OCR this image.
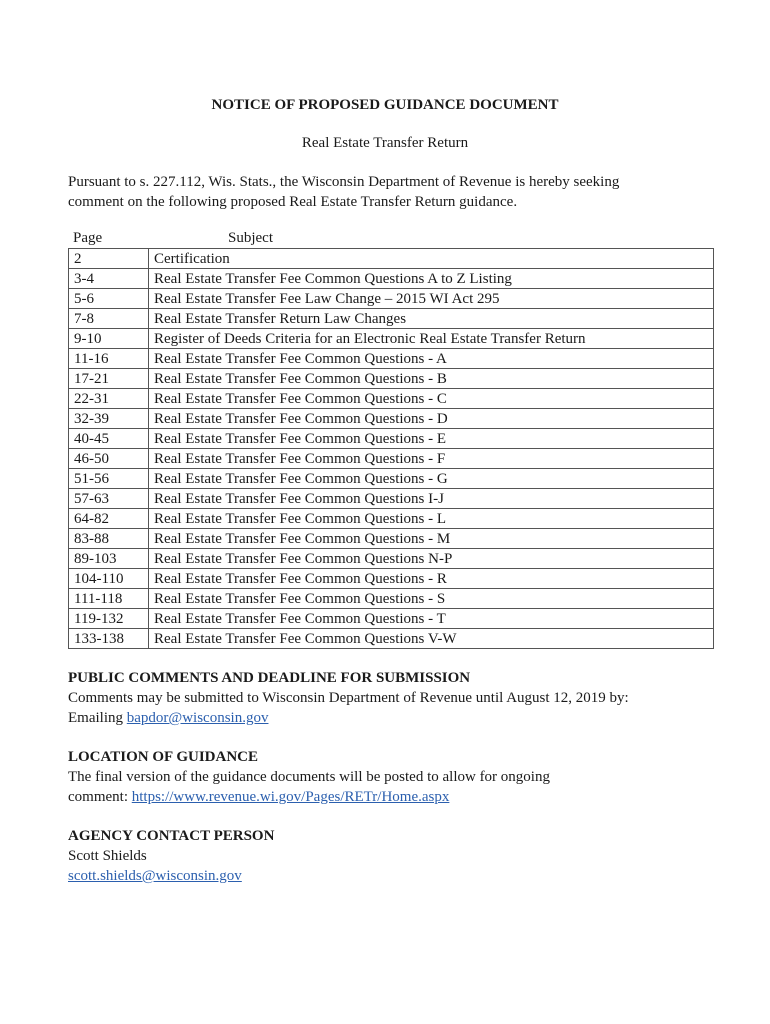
NOTICE OF PROPOSED GUIDANCE DOCUMENT
Real Estate Transfer Return
Pursuant to s. 227.112, Wis. Stats., the Wisconsin Department of Revenue is hereby seeking
comment on the following proposed Real Estate Transfer Return guidance.
Page	Subject
2	Certification
3-4	Real Estate Transfer Fee Common Questions A to Z Listing
5-6	Real Estate Transfer Fee Law Change – 2015 WI Act 295
7-8	Real Estate Transfer Return Law Changes
9-10	Register of Deeds Criteria for an Electronic Real Estate Transfer Return
11-16	Real Estate Transfer Fee Common Questions - A
17-21	Real Estate Transfer Fee Common Questions - B
22-31	Real Estate Transfer Fee Common Questions - C
32-39	Real Estate Transfer Fee Common Questions - D
40-45	Real Estate Transfer Fee Common Questions - E
46-50	Real Estate Transfer Fee Common Questions - F
51-56	Real Estate Transfer Fee Common Questions - G
57-63	Real Estate Transfer Fee Common Questions I-J
64-82	Real Estate Transfer Fee Common Questions - L
83-88	Real Estate Transfer Fee Common Questions - M
89-103	Real Estate Transfer Fee Common Questions N-P
104-110	Real Estate Transfer Fee Common Questions - R
111-118	Real Estate Transfer Fee Common Questions - S
119-132	Real Estate Transfer Fee Common Questions - T
133-138	Real Estate Transfer Fee Common Questions V-W
PUBLIC COMMENTS AND DEADLINE FOR SUBMISSION
Comments may be submitted to Wisconsin Department of Revenue until August 12, 2019 by:
Emailing bapdor@wisconsin.gov
LOCATION OF GUIDANCE
The final version of the guidance documents will be posted to allow for ongoing
comment: https://www.revenue.wi.gov/Pages/RETr/Home.aspx
AGENCY CONTACT PERSON
Scott Shields
scott.shields@wisconsin.gov
